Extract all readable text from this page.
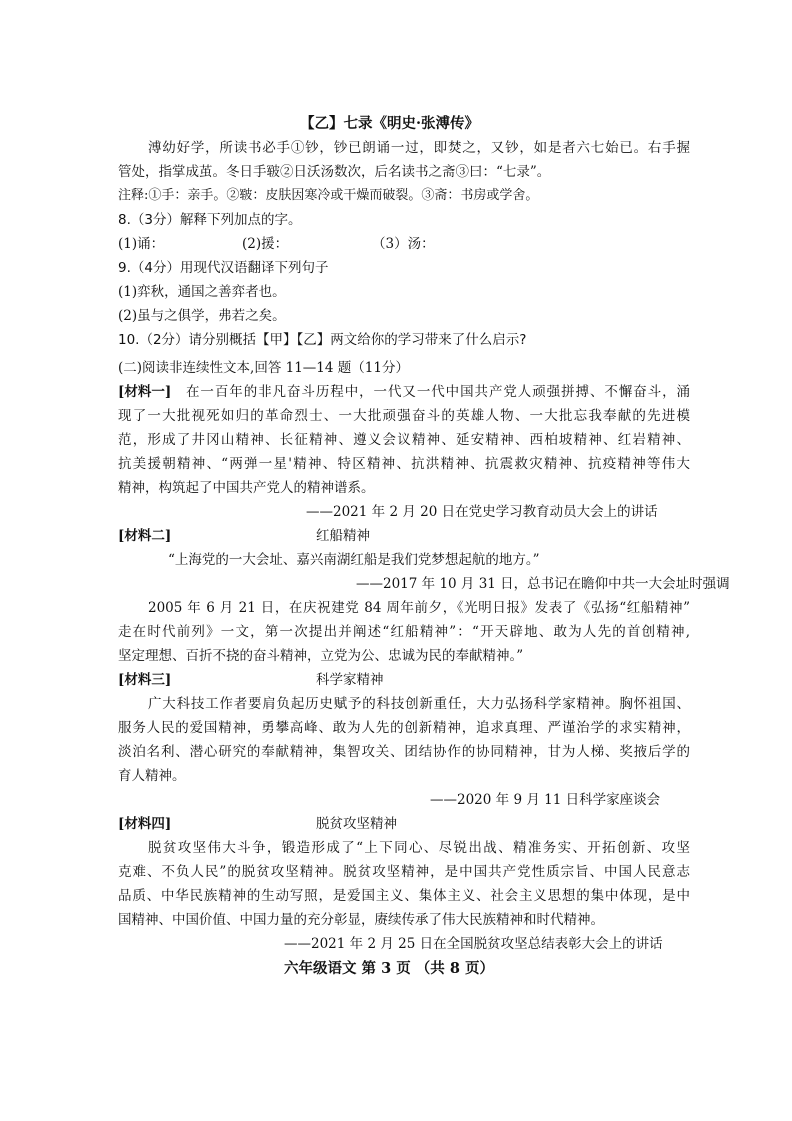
【乙】七录《明史·张溥传》
溥幼好学，所读书必手①钞，钞已朗诵一过，即焚之，又钞，如是者六七始已。右手握
管处，指掌成茧。冬日手皲②日沃汤数次，后名读书之斋③曰：“七录”。
注释:①手：亲手。②皲：皮肤因寒冷或干燥而破裂。③斋：书房或学舍。
8.（3分）解释下列加点的字。
(1)诵：	(2)援：	（3）汤：
9.（4分）用现代汉语翻译下列句子
(1)弈秋，通国之善弈者也。
(2)虽与之俱学，弗若之矣。
10.（2分）请分别概括【甲】【乙】两文给你的学习带来了什么启示?
(二)阅读非连续性文本,回答 11—14 题（11分）
[材料一] 在一百年的非凡奋斗历程中，一代又一代中国共产党人顽强拼搏、不懈奋斗，涌
现了一大批视死如归的革命烈士、一大批顽强奋斗的英雄人物、一大批忘我奉献的先进模
范，形成了井冈山精神、长征精神、遵义会议精神、延安精神、西柏坡精神、红岩精神、
抗美援朝精神、“两弹一星'精神、特区精神、抗洪精神、抗震救灾精神、抗疫精神等伟大
精神，构筑起了中国共产党人的精神谱系。
——2021 年 2 月 20 日在党史学习教育动员大会上的讲话
[材料二]	红船精神
“上海党的一大会址、嘉兴南湖红船是我们党梦想起航的地方。”
——2017 年 10 月 31 日，总书记在瞻仰中共一大会址时强调
2005 年 6 月 21 日，在庆祝建党 84 周年前夕，《光明日报》发表了《弘扬“红船精神”
走在时代前列》一文，第一次提出并阐述“红船精神”：“开天辟地、敢为人先的首创精神,
坚定理想、百折不挠的奋斗精神，立党为公、忠诚为民的奉献精神。”
[材料三]	科学家精神
广大科技工作者要肩负起历史赋予的科技创新重任，大力弘扬科学家精神。胸怀祖国、
服务人民的爱国精神，勇攀高峰、敢为人先的创新精神，追求真理、严谨治学的求实精神，
淡泊名利、潜心研究的奉献精神，集智攻关、团结协作的协同精神，甘为人梯、奖掖后学的
育人精神。
——2020 年 9 月 11 日科学家座谈会
[材料四]	脱贫攻坚精神
脱贫攻坚伟大斗争，锻造形成了“上下同心、尽锐出战、精准务实、开拓创新、攻坚
克难、不负人民”的脱贫攻坚精神。脱贫攻坚精神，是中国共产党性质宗旨、中国人民意志
品质、中华民族精神的生动写照，是爱国主义、集体主义、社会主义思想的集中体现，是中
国精神、中国价值、中国力量的充分彰显，赓续传承了伟大民族精神和时代精神。
——2021 年 2 月 25 日在全国脱贫攻坚总结表彰大会上的讲话
六年级语文 第 3 页 （共 8 页）
